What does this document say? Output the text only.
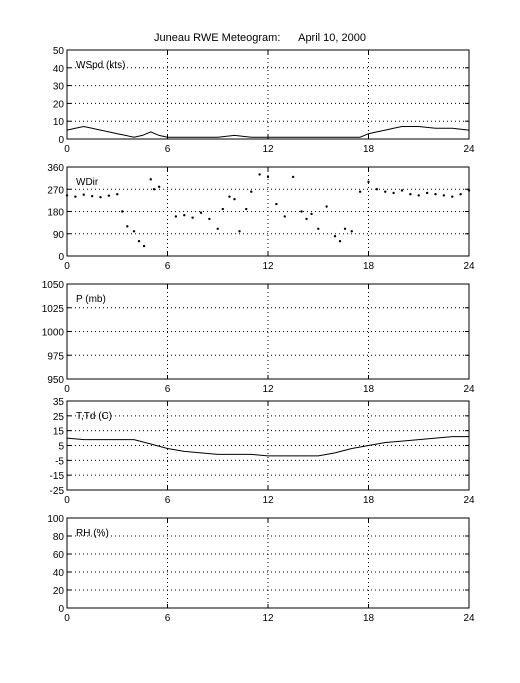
Juneau RWE Meteogram:      April 10, 2000
0	6	12	18	24
0
10
20
30
40
50
WSpd (kts)
0	6	12	18	24
0
90
180
270
360
WDir
0	6	12	18	24
950
975
1000
1025
1050
P (mb)
0	6	12	18	24
-25
-15
-5
5
15
25
35
T,Td (C)
0	6	12	18	24
0
20
40
60
80
100
RH (%)
